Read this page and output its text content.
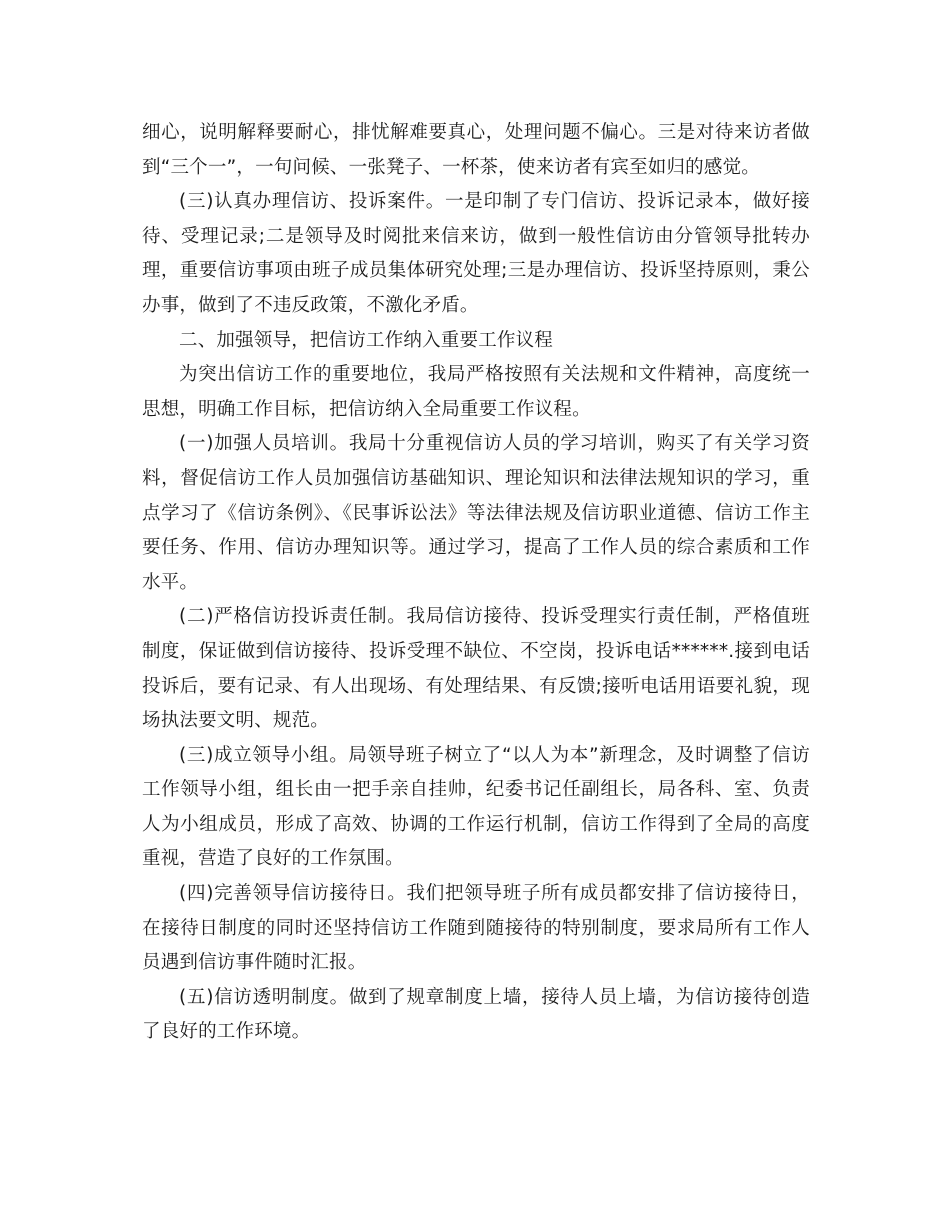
细心，说明解释要耐心，排忧解难要真心，处理问题不偏心。三是对待来访者做到“三个一”，一句问候、一张凳子、一杯茶，使来访者有宾至如归的感觉。

(三)认真办理信访、投诉案件。一是印制了专门信访、投诉记录本，做好接待、受理记录;二是领导及时阅批来信来访，做到一般性信访由分管领导批转办理，重要信访事项由班子成员集体研究处理;三是办理信访、投诉坚持原则，秉公办事，做到了不违反政策，不激化矛盾。

二、加强领导，把信访工作纳入重要工作议程

为突出信访工作的重要地位，我局严格按照有关法规和文件精神，高度统一思想，明确工作目标，把信访纳入全局重要工作议程。

(一)加强人员培训。我局十分重视信访人员的学习培训，购买了有关学习资料，督促信访工作人员加强信访基础知识、理论知识和法律法规知识的学习，重点学习了《信访条例》、《民事诉讼法》等法律法规及信访职业道德、信访工作主要任务、作用、信访办理知识等。通过学习，提高了工作人员的综合素质和工作水平。

(二)严格信访投诉责任制。我局信访接待、投诉受理实行责任制，严格值班制度，保证做到信访接待、投诉受理不缺位、不空岗，投诉电话******.接到电话投诉后，要有记录、有人出现场、有处理结果、有反馈;接听电话用语要礼貌，现场执法要文明、规范。

(三)成立领导小组。局领导班子树立了“以人为本”新理念，及时调整了信访工作领导小组，组长由一把手亲自挂帅，纪委书记任副组长，局各科、室、负责人为小组成员，形成了高效、协调的工作运行机制，信访工作得到了全局的高度重视，营造了良好的工作氛围。

(四)完善领导信访接待日。我们把领导班子所有成员都安排了信访接待日，在接待日制度的同时还坚持信访工作随到随接待的特别制度，要求局所有工作人员遇到信访事件随时汇报。

(五)信访透明制度。做到了规章制度上墙，接待人员上墙，为信访接待创造了良好的工作环境。
